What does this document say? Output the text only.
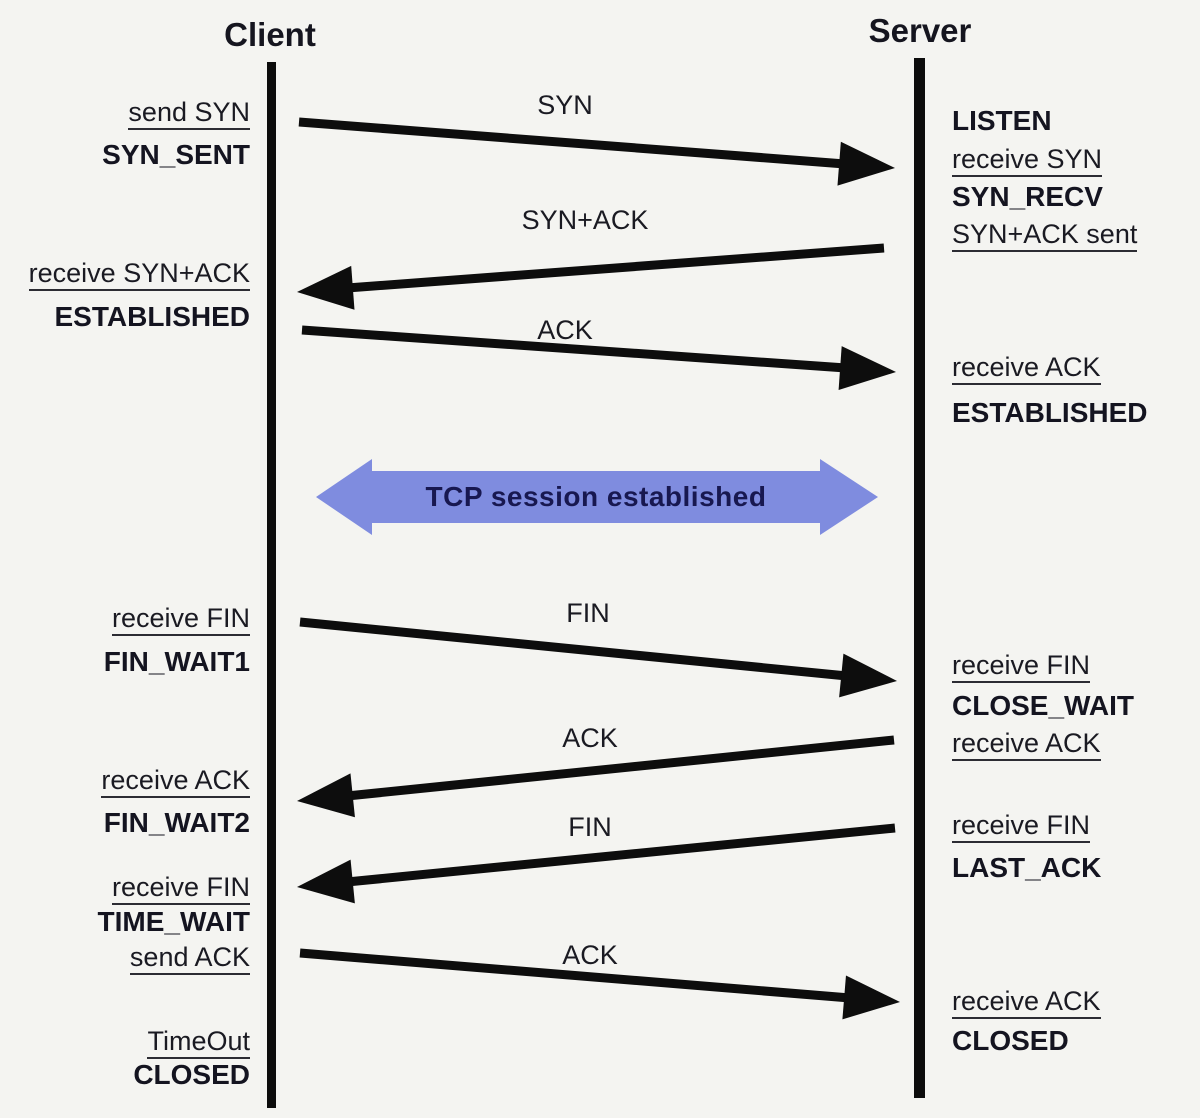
Client	Server
SYN
SYN+ACK
ACK
FIN
ACK
FIN
ACK
TCP session established
send SYN
SYN_SENT
receive SYN+ACK
ESTABLISHED
receive FIN
FIN_WAIT1
receive ACK
FIN_WAIT2
receive FIN
TIME_WAIT
send ACK
TimeOut
CLOSED
LISTEN
receive SYN
SYN_RECV
SYN+ACK sent
receive ACK
ESTABLISHED
receive FIN
CLOSE_WAIT
receive ACK
receive FIN
LAST_ACK
receive ACK
CLOSED
